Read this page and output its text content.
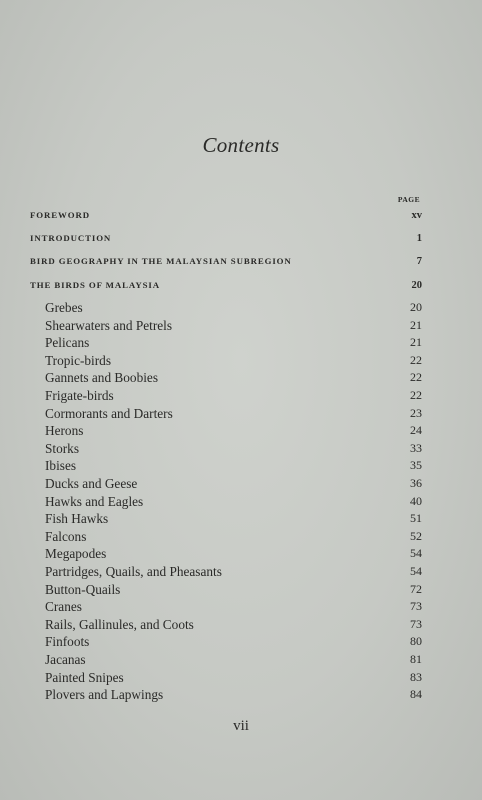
Contents
PAGE
FOREWORD	xv
INTRODUCTION	1
BIRD GEOGRAPHY IN THE MALAYSIAN SUBREGION	7
THE BIRDS OF MALAYSIA	20
Grebes	20
Shearwaters and Petrels	21
Pelicans	21
Tropic-birds	22
Gannets and Boobies	22
Frigate-birds	22
Cormorants and Darters	23
Herons	24
Storks	33
Ibises	35
Ducks and Geese	36
Hawks and Eagles	40
Fish Hawks	51
Falcons	52
Megapodes	54
Partridges, Quails, and Pheasants	54
Button-Quails	72
Cranes	73
Rails, Gallinules, and Coots	73
Finfoots	80
Jacanas	81
Painted Snipes	83
Plovers and Lapwings	84
vii
